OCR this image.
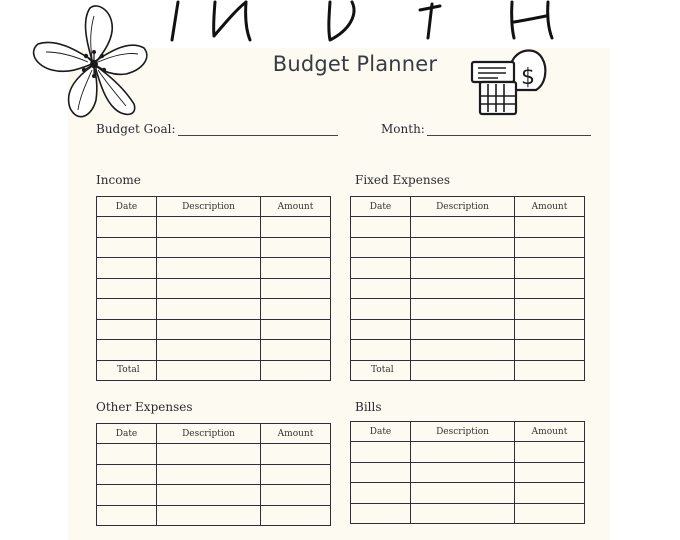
$
Budget Planner
Budget Goal:	Month:
Income
Date	Description	Amount

Total		
Fixed Expenses
Date	Description	Amount

Total		
Other Expenses
Date	Description	Amount

Bills
Date	Description	Amount
